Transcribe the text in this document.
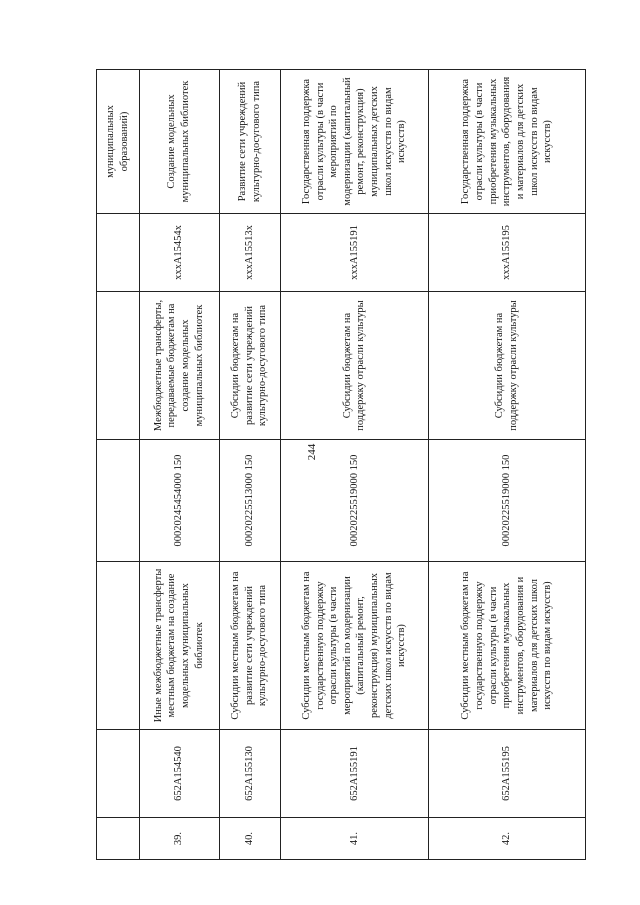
244
						муниципальных образований)
39.	652A154540	Иные межбюджетные трансферты местным бюджетам на создание модельных муниципальных библиотек	00020245454000 150	Межбюджетные трансферты, передаваемые бюджетам на создание модельных муниципальных библиотек	xxxA15454x	Создание модельных муниципальных библиотек
40.	652A155130	Субсидии местным бюджетам на развитие сети учреждений культурно-досугового типа	00020225513000 150	Субсидии бюджетам на развитие сети учреждений культурно-досугового типа	xxxA15513x	Развитие сети учреждений культурно-досугового типа
41.	652A155191	Субсидии местным бюджетам на государственную поддержку отрасли культуры (в части мероприятий по модернизации (капитальный ремонт, реконструкция) муниципальных детских школ искусств по видам искусств)	00020225519000 150	Субсидии бюджетам на поддержку отрасли культуры	xxxA155191	Государственная поддержка отрасли культуры (в части мероприятий по модернизации (капитальный ремонт, реконструкция) муниципальных детских школ искусств по видам искусств)
42.	652A155195	Субсидии местным бюджетам на государственную поддержку отрасли культуры (в части приобретения музыкальных инструментов, оборудования и материалов для детских школ искусств по видам искусств)	00020225519000 150	Субсидии бюджетам на поддержку отрасли культуры	xxxA155195	Государственная поддержка отрасли культуры (в части приобретения музыкальных инструментов, оборудования и материалов для детских школ искусств по видам искусств)
